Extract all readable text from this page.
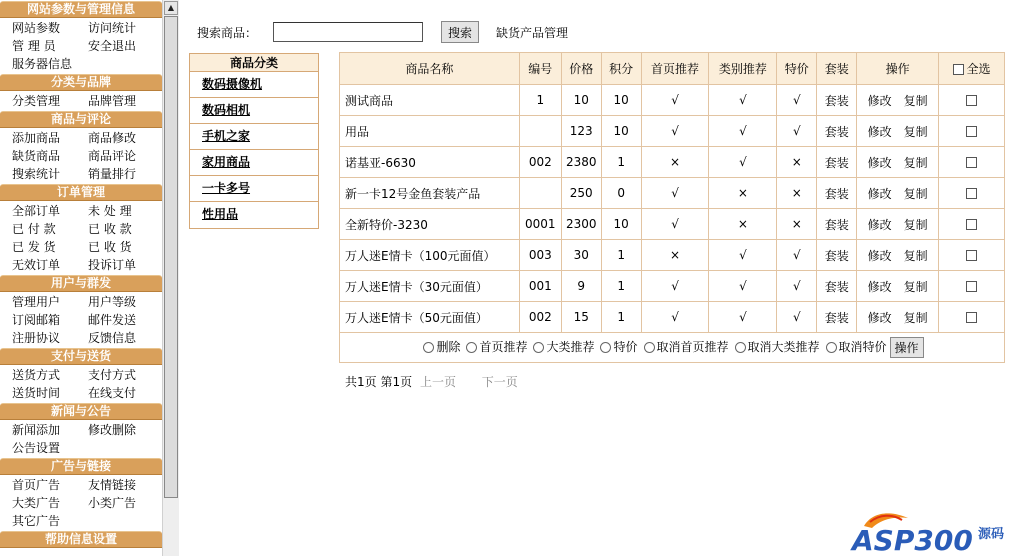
网站参数与管理信息
网站参数	访问统计
管 理 员	安全退出
服务器信息
分类与品牌
分类管理	品牌管理
商品与评论
添加商品	商品修改
缺货商品	商品评论
搜索统计	销量排行
订单管理
全部订单	未 处 理
已 付 款	已 收 款
已 发 货	已 收 货
无效订单	投诉订单
用户与群发
管理用户	用户等级
订阅邮箱	邮件发送
注册协议	反馈信息
支付与送货
送货方式	支付方式
送货时间	在线支付
新闻与公告
新闻添加	修改删除
公告设置
广告与链接
首页广告	友情链接
大类广告	小类广告
其它广告
帮助信息设置
▲
搜索商品：	搜索	缺货产品管理
商品分类
数码摄像机
数码相机
手机之家
家用商品
一卡多号
性用品
商品名称	编号	价格	积分	首页推荐	类别推荐	特价	套装	操作	全选
测试商品	1	10	10	√	√	√	套装	修改 复制	
用品		123	10	√	√	√	套装	修改 复制	
诺基亚-6630	002	2380	1	×	√	×	套装	修改 复制	
新一卡12号金鱼套装产品		250	0	√	×	×	套装	修改 复制	
全新特价-3230	0001	2300	10	√	×	×	套装	修改 复制	
万人迷E情卡（100元面值）	003	30	1	×	√	√	套装	修改 复制	
万人迷E情卡（30元面值）	001	9	1	√	√	√	套装	修改 复制	
万人迷E情卡（50元面值）	002	15	1	√	√	√	套装	修改 复制	
删除 首页推荐 大类推荐 特价 取消首页推荐 取消大类推荐 取消特价 操作									
共1页 第1页 上一页 下一页
ASP300 源码
